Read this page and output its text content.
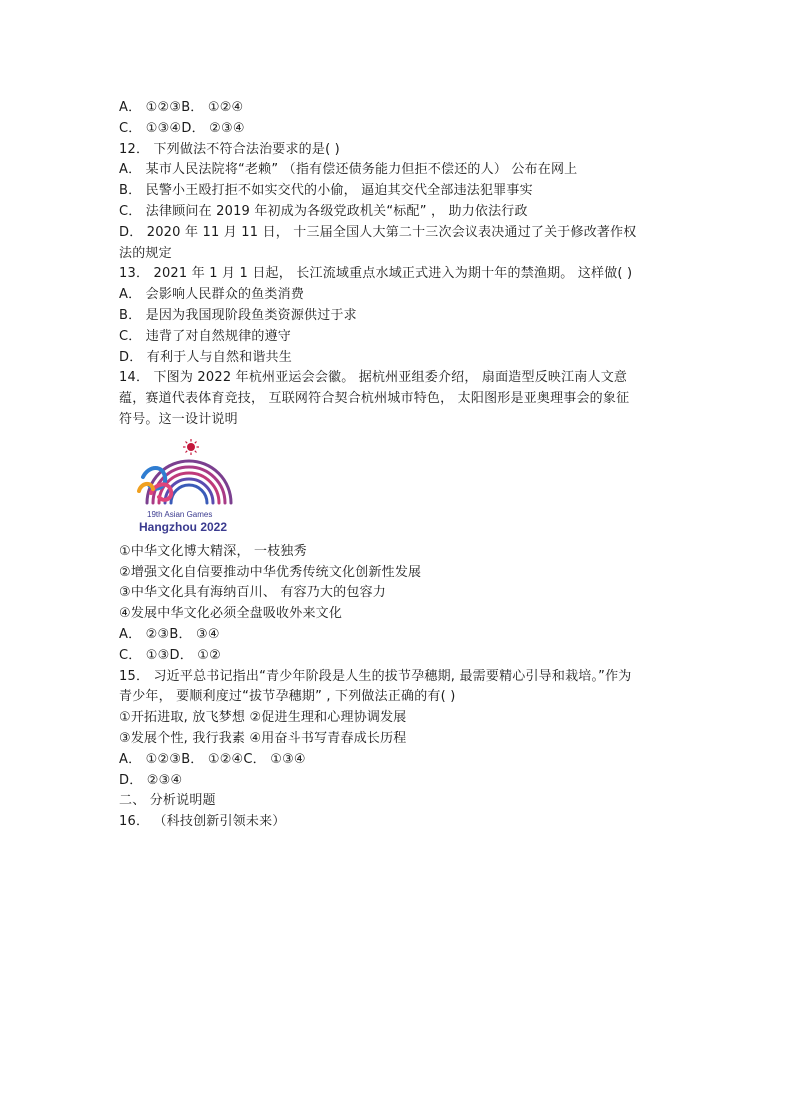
A． ①②③B． ①②④
C． ①③④D． ②③④
12． 下列做法不符合法治要求的是( )
A． 某市人民法院将“老赖” （指有偿还债务能力但拒不偿还的人） 公布在网上
B． 民警小王殴打拒不如实交代的小偷， 逼迫其交代全部违法犯罪事实
C． 法律顾问在 2019 年初成为各级党政机关“标配” ， 助力依法行政
D． 2020 年 11 月 11 日， 十三届全国人大第二十三次会议表决通过了关于修改著作权
法的规定
13． 2021 年 1 月 1 日起， 长江流域重点水域正式进入为期十年的禁渔期。 这样做( )
A． 会影响人民群众的鱼类消费
B． 是因为我国现阶段鱼类资源供过于求
C． 违背了对自然规律的遵守
D． 有利于人与自然和谐共生
14． 下图为 2022 年杭州亚运会会徽。 据杭州亚组委介绍， 扇面造型反映江南人文意
蕴，赛道代表体育竞技， 互联网符合契合杭州城市特色， 太阳图形是亚奥理事会的象征
符号。这一设计说明
19th Asian Games
Hangzhou 2022
①中华文化博大精深， 一枝独秀
②增强文化自信要推动中华优秀传统文化创新性发展
③中华文化具有海纳百川、 有容乃大的包容力
④发展中华文化必须全盘吸收外来文化
A． ②③B． ③④
C． ①③D． ①②
15． 习近平总书记指出“青少年阶段是人生的拔节孕穗期, 最需要精心引导和栽培。”作为
青少年， 要顺利度过“拔节孕穗期” , 下列做法正确的有( )
①开拓进取, 放飞梦想 ②促进生理和心理协调发展
③发展个性, 我行我素 ④用奋斗书写青春成长历程
A． ①②③B． ①②④C． ①③④
D． ②③④
二、 分析说明题
16． （科技创新引领未来）
